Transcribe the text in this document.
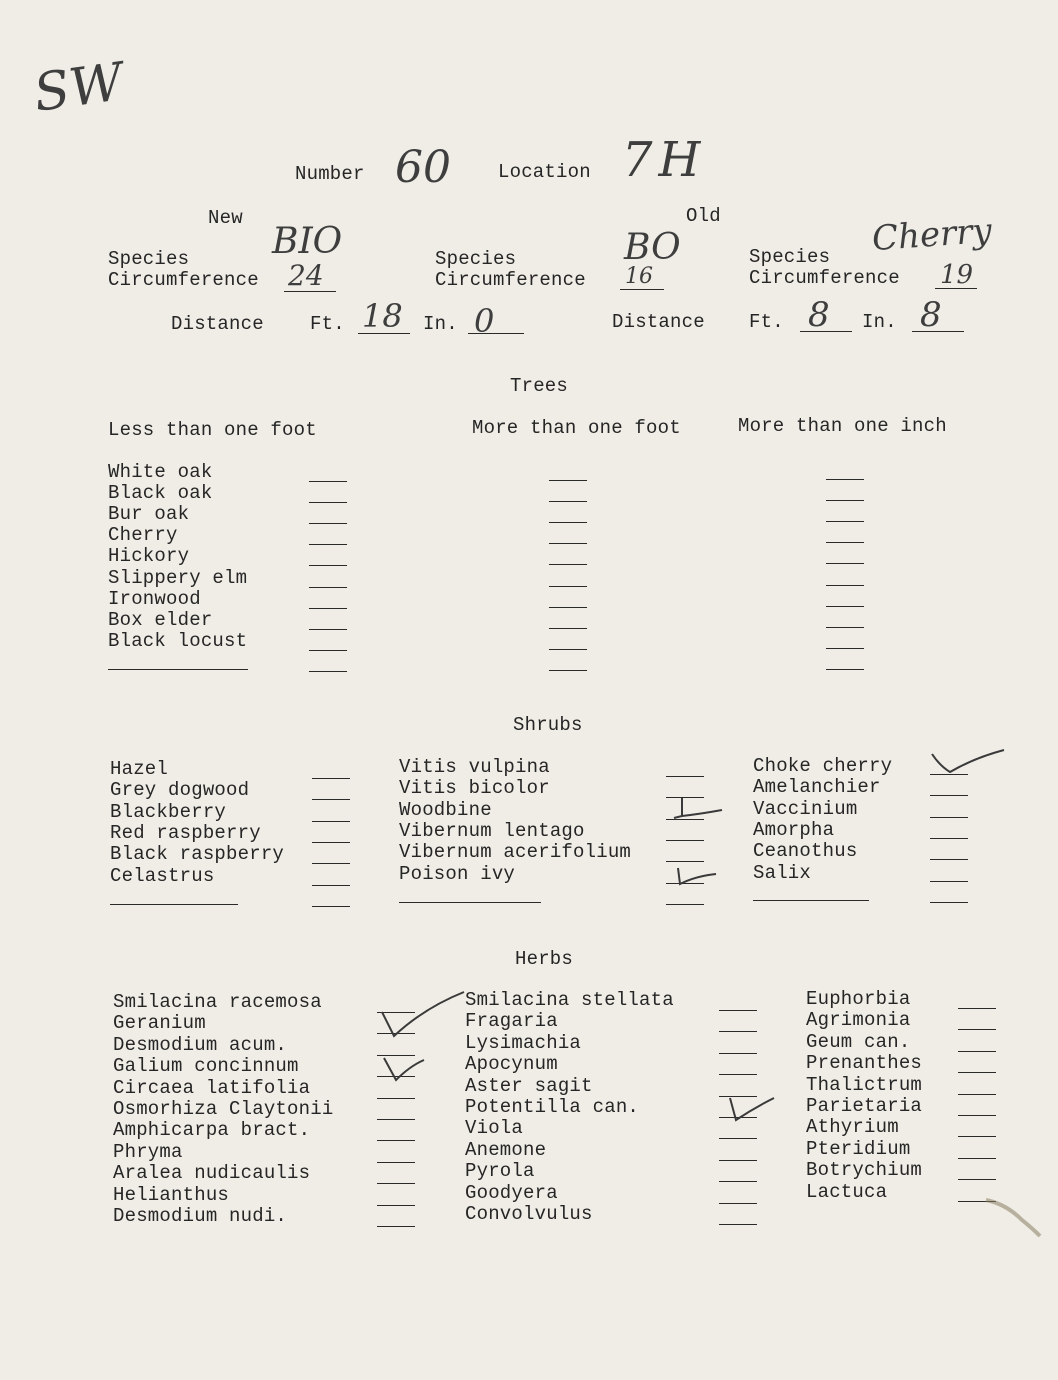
SW
Number 60 Location 7H
New	Old
Species BIO
Circumference 24
Distance Ft. 18 In. 0
Species	BO
Circumference 16
Distance Ft. 8 In. 8
Species Cherry
Circumference 19
Trees
Less than one foot	More than one foot	More than one inch
White oak
Black oak
Bur oak
Cherry
Hickory
Slippery elm
Ironwood
Box elder
Black locust
Shrubs
Hazel
Grey dogwood
Blackberry
Red raspberry
Black raspberry
Celastrus
Vitis vulpina
Vitis bicolor
Woodbine
Vibernum lentago
Vibernum acerifolium
Poison ivy
Choke cherry
Amelanchier
Vaccinium
Amorpha
Ceanothus
Salix
Herbs
Smilacina racemosa
Geranium
Desmodium acum.
Galium concinnum
Circaea latifolia
Osmorhiza Claytonii
Amphicarpa bract.
Phryma
Aralea nudicaulis
Helianthus
Desmodium nudi.
Smilacina stellata
Fragaria
Lysimachia
Apocynum
Aster sagit
Potentilla can.
Viola
Anemone
Pyrola
Goodyera
Convolvulus
Euphorbia
Agrimonia
Geum can.
Prenanthes
Thalictrum
Parietaria
Athyrium
Pteridium
Botrychium
Lactuca
